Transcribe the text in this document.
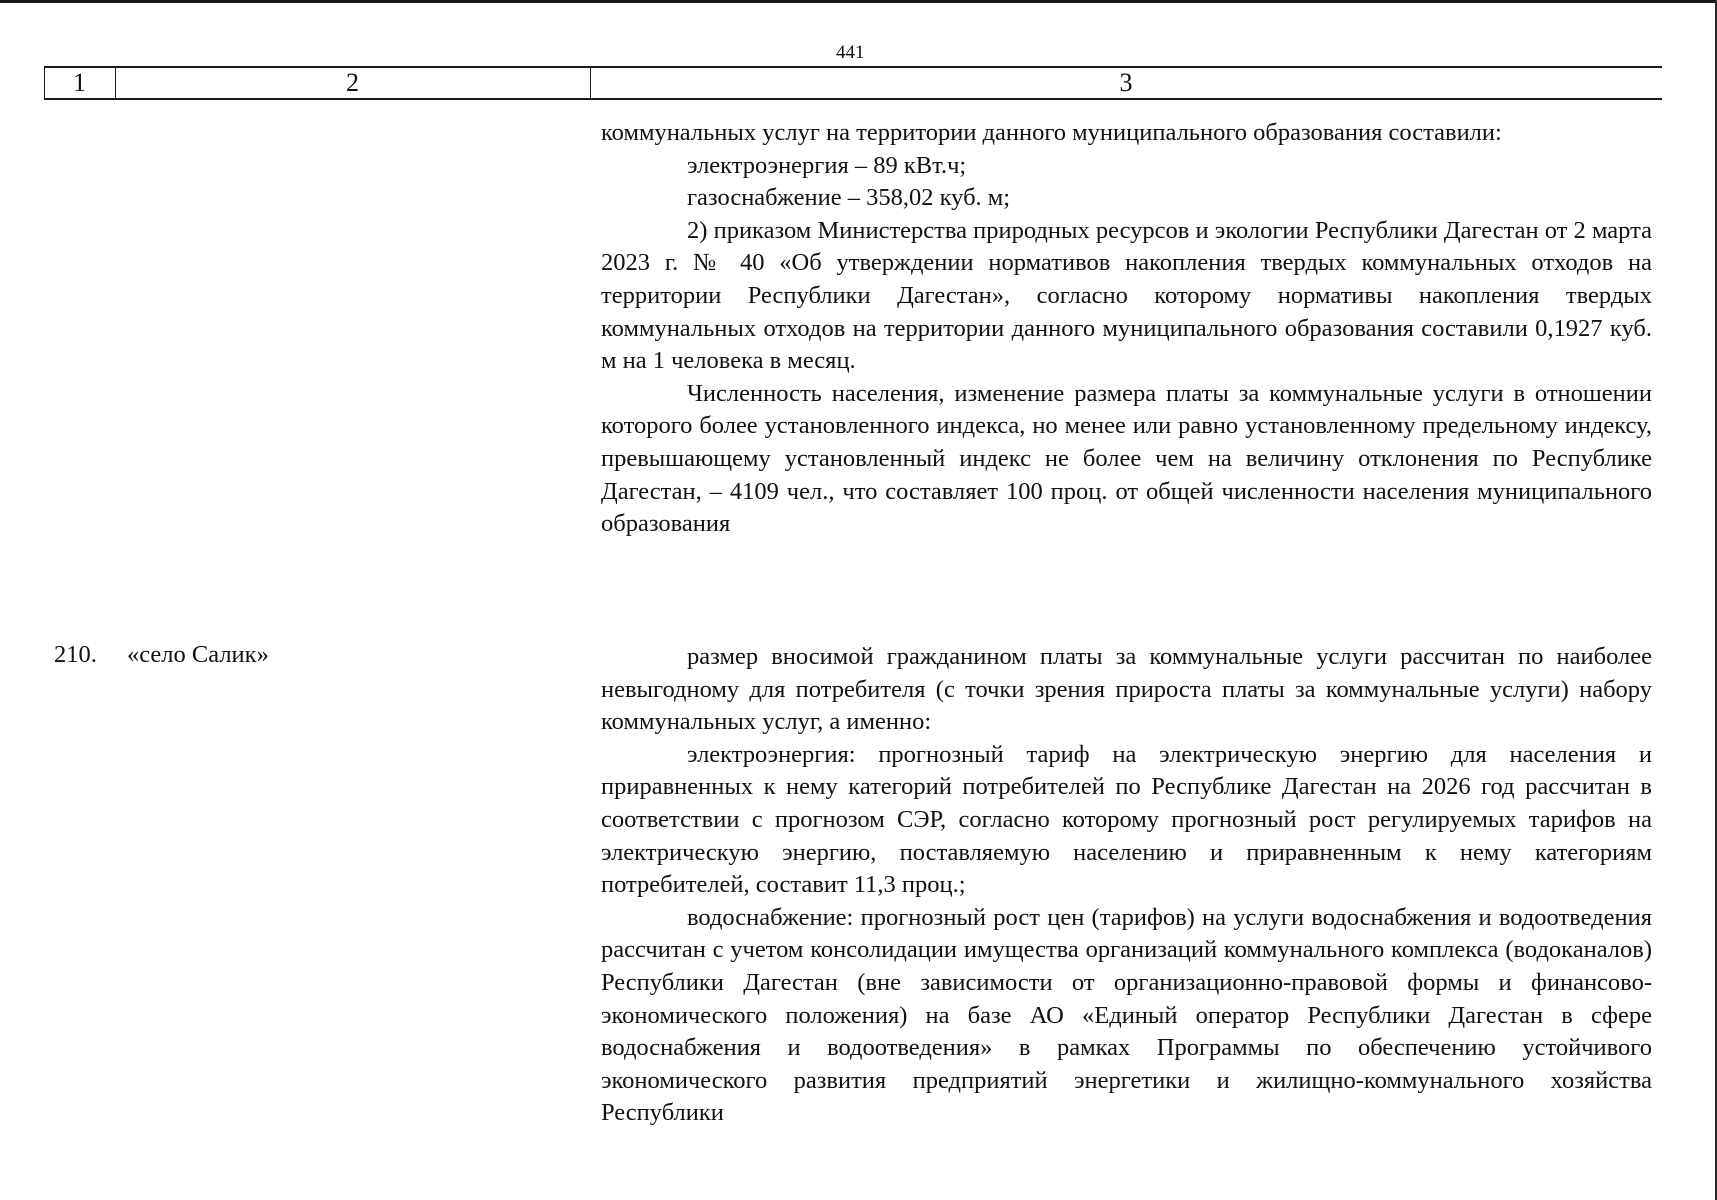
441
1	2	3

коммунальных услуг на территории данного муниципального образования составили:

электроэнергия – 89 кВт.ч;

газоснабжение – 358,02 куб. м;

2) приказом Министерства природных ресурсов и экологии Республики Дагестан от 2 марта 2023 г. № 40 «Об утверждении нормативов накопления твердых коммунальных отходов на территории Республики Дагестан», согласно которому нормативы накопления твердых коммунальных отходов на территории данного муниципального образования составили 0,1927 куб. м на 1 человека в месяц.

Численность населения, изменение размера платы за коммунальные услуги в отношении которого более установленного индекса, но менее или равно установленному предельному индексу, превышающему установленный индекс не более чем на величину отклонения по Республике Дагестан, – 4109 чел., что составляет 100 проц. от общей численности населения муниципального образования

210. «село Салик»	размер вносимой гражданином платы за коммунальные услуги рассчитан по наиболее невыгодному для потребителя (с точки зрения прироста платы за коммунальные услуги) набору коммунальных услуг, а именно:

электроэнергия: прогнозный тариф на электрическую энергию для населения и приравненных к нему категорий потребителей по Республике Дагестан на 2026 год рассчитан в соответствии с прогнозом СЭР, согласно которому прогнозный рост регулируемых тарифов на электрическую энергию, поставляемую населению и приравненным к нему категориям потребителей, составит 11,3 проц.;

водоснабжение: прогнозный рост цен (тарифов) на услуги водоснабжения и водоотведения рассчитан с учетом консолидации имущества организаций коммунального комплекса (водоканалов) Республики Дагестан (вне зависимости от организационно-правовой формы и финансово-экономического положения) на базе АО «Единый оператор Республики Дагестан в сфере водоснабжения и водоотведения» в рамках Программы по обеспечению устойчивого экономического развития предприятий энергетики и жилищно-коммунального хозяйства Республики
